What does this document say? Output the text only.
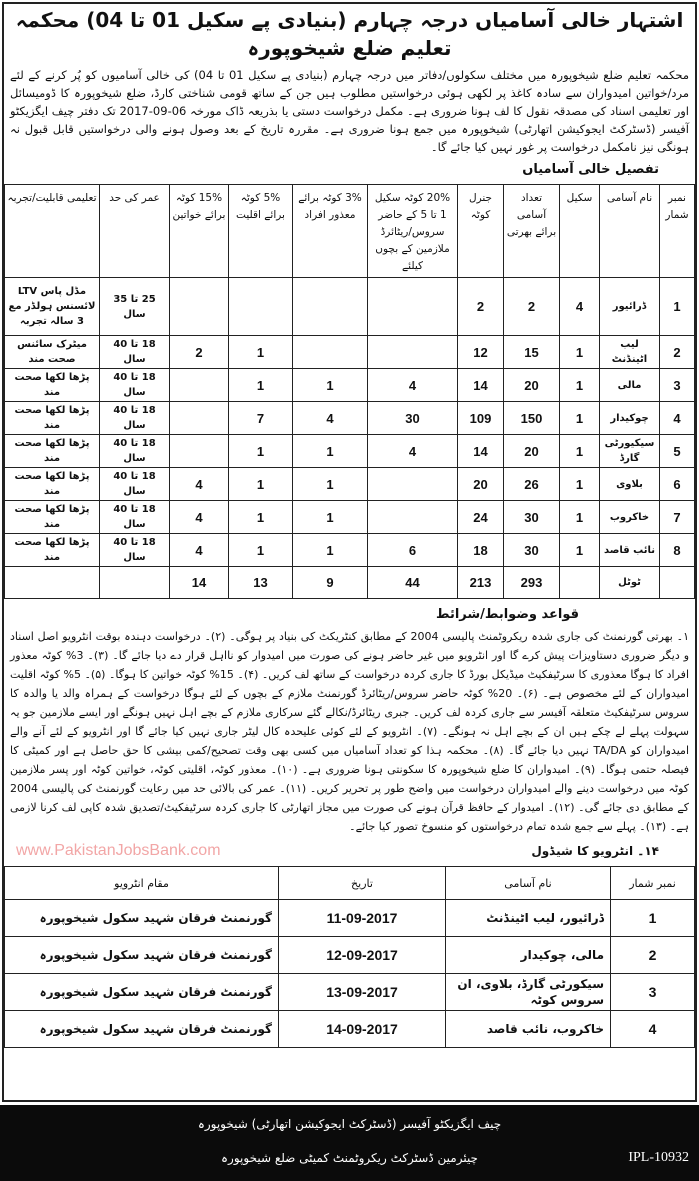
اشتہار خالی آسامیاں درجہ چہارم (بنیادی پے سکیل 01 تا 04) محکمہ تعلیم ضلع شیخوپورہ
محکمہ تعلیم ضلع شیخوپورہ میں مختلف سکولوں/دفاتر میں درجہ چہارم (بنیادی پے سکیل 01 تا 04) کی خالی آسامیوں کو پُر کرنے کے لئے مرد/خواتین امیدواران سے سادہ کاغذ پر لکھی ہوئی درخواستیں مطلوب ہیں جن کے ساتھ قومی شناختی کارڈ، ضلع شیخوپورہ کا ڈومیسائل اور تعلیمی اسناد کی مصدقہ نقول کا لف ہونا ضروری ہے۔ مکمل درخواست دستی یا بذریعہ ڈاک مورخہ 06-09-2017 تک دفتر چیف ایگزیکٹو آفیسر (ڈسٹرکٹ ایجوکیشن اتھارٹی) شیخوپورہ میں جمع ہونا ضروری ہے۔ مقررہ تاریخ کے بعد وصول ہونے والی درخواستیں قابل قبول نہ ہونگی نیز نامکمل درخواست پر غور نہیں کیا جائے گا۔
تفصیل خالی آسامیاں
نمبر شمار	نام آسامی	سکیل	تعداد آسامی برائے بھرتی	جنرل کوٹہ	20% کوٹہ سکیل 1 تا 5 کے حاضر سروس/ریٹائرڈ ملازمین کے بچوں کیلئے	3% کوٹہ برائے معذور افراد	5% کوٹہ برائے اقلیت	15% کوٹہ برائے خواتین	عمر کی حد	تعلیمی قابلیت/تجربہ
1	ڈرائیور	4	2	2					25 تا 35 سال	مڈل پاس LTV لائسنس ہولڈر مع 3 سالہ تجربہ
2	لیب اٹینڈنٹ	1	15	12			1	2	18 تا 40 سال	میٹرک سائنس صحت مند
3	مالی	1	20	14	4	1	1		18 تا 40 سال	پڑھا لکھا صحت مند
4	چوکیدار	1	150	109	30	4	7		18 تا 40 سال	پڑھا لکھا صحت مند
5	سیکیورٹی گارڈ	1	20	14	4	1	1		18 تا 40 سال	پڑھا لکھا صحت مند
6	بلاوی	1	26	20		1	1	4	18 تا 40 سال	پڑھا لکھا صحت مند
7	خاکروب	1	30	24		1	1	4	18 تا 40 سال	پڑھا لکھا صحت مند
8	نائب قاصد	1	30	18	6	1	1	4	18 تا 40 سال	پڑھا لکھا صحت مند
	ٹوٹل		293	213	44	9	13	14		
قواعد وضوابط/شرائط
۱۔ بھرتی گورنمنٹ کی جاری شدہ ریکروٹمنٹ پالیسی 2004 کے مطابق کنٹریکٹ کی بنیاد پر ہوگی۔ (۲)۔ درخواست دہندہ بوقت انٹرویو اصل اسناد و دیگر ضروری دستاویزات پیش کرے گا اور انٹرویو میں غیر حاضر ہونے کی صورت میں امیدوار کو نااہل قرار دے دیا جائے گا۔ (۳)۔ 3% کوٹہ معذور افراد کا ہوگا معذوری کا سرٹیفکیٹ میڈیکل بورڈ کا جاری کردہ درخواست کے ساتھ لف کریں۔ (۴)۔ 15% کوٹہ خواتین کا ہوگا۔ (۵)۔ 5% کوٹہ اقلیت امیدواران کے لئے مخصوص ہے۔ (۶)۔ 20% کوٹہ حاضر سروس/ریٹائرڈ گورنمنٹ ملازم کے بچوں کے لئے ہوگا درخواست کے ہمراہ والد یا والدہ کا سروس سرٹیفکیٹ متعلقہ آفیسر سے جاری کردہ لف کریں۔ جبری ریٹائرڈ/نکالے گئے سرکاری ملازم کے بچے اہل نہیں ہونگے اور ایسے ملازمین جو یہ سہولت پہلے لے چکے ہیں ان کے بچے اہل نہ ہونگے۔ (۷)۔ انٹرویو کے لئے کوئی علیحدہ کال لیٹر جاری نہیں کیا جائے گا اور انٹرویو کے لئے آنے والے امیدواران کو TA/DA نہیں دیا جائے گا۔ (۸)۔ محکمہ ہذا کو تعداد آسامیاں میں کسی بھی وقت تصحیح/کمی بیشی کا حق حاصل ہے اور کمیٹی کا فیصلہ حتمی ہوگا۔ (۹)۔ امیدواران کا ضلع شیخوپورہ کا سکونتی ہونا ضروری ہے۔ (۱۰)۔ معذور کوٹہ، اقلیتی کوٹہ، خواتین کوٹہ اور پسر ملازمین کوٹہ میں درخواست دینے والے امیدواران درخواست میں واضح طور پر تحریر کریں۔ (۱۱)۔ عمر کی بالائی حد میں رعایت گورنمنٹ کی پالیسی 2004 کے مطابق دی جائے گی۔ (۱۲)۔ امیدوار کے حافظ قرآن ہونے کی صورت میں مجاز اتھارٹی کا جاری کردہ سرٹیفکیٹ/تصدیق شدہ کاپی لف کرنا لازمی ہے۔ (۱۳)۔ پہلے سے جمع شدہ تمام درخواستوں کو منسوخ تصور کیا جائے۔
۱۴۔ انٹرویو کا شیڈول
www.PakistanJobsBank.com
نمبر شمار	نام آسامی	تاریخ	مقام انٹرویو
1	ڈرائیور، لیب اٹینڈنٹ	11-09-2017	گورنمنٹ فرقان شہید سکول شیخوپورہ
2	مالی، چوکیدار	12-09-2017	گورنمنٹ فرقان شہید سکول شیخوپورہ
3	سیکورٹی گارڈ، بلاوی، ان سروس کوٹہ	13-09-2017	گورنمنٹ فرقان شہید سکول شیخوپورہ
4	خاکروب، نائب قاصد	14-09-2017	گورنمنٹ فرقان شہید سکول شیخوپورہ
چیف ایگزیکٹو آفیسر (ڈسٹرکٹ ایجوکیشن اتھارٹی) شیخوپورہ
چیئرمین ڈسٹرکٹ ریکروٹمنٹ کمیٹی ضلع شیخوپورہ	IPL-10932
